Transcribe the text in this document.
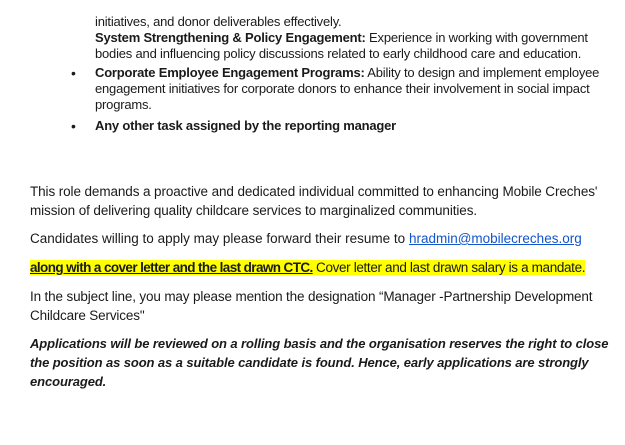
initiatives, and donor deliverables effectively.

System Strengthening & Policy Engagement: Experience in working with government bodies and influencing policy discussions related to early childhood care and education.

• Corporate Employee Engagement Programs: Ability to design and implement employee engagement initiatives for corporate donors to enhance their involvement in social impact programs.
• Any other task assigned by the reporting manager

This role demands a proactive and dedicated individual committed to enhancing Mobile Creches' mission of delivering quality childcare services to marginalized communities.

Candidates willing to apply may please forward their resume to hradmin@mobilecreches.org

along with a cover letter and the last drawn CTC. Cover letter and last drawn salary is a mandate.

In the subject line, you may please mention the designation “Manager -Partnership Development Childcare Services"

Applications will be reviewed on a rolling basis and the organisation reserves the right to close the position as soon as a suitable candidate is found. Hence, early applications are strongly encouraged.
